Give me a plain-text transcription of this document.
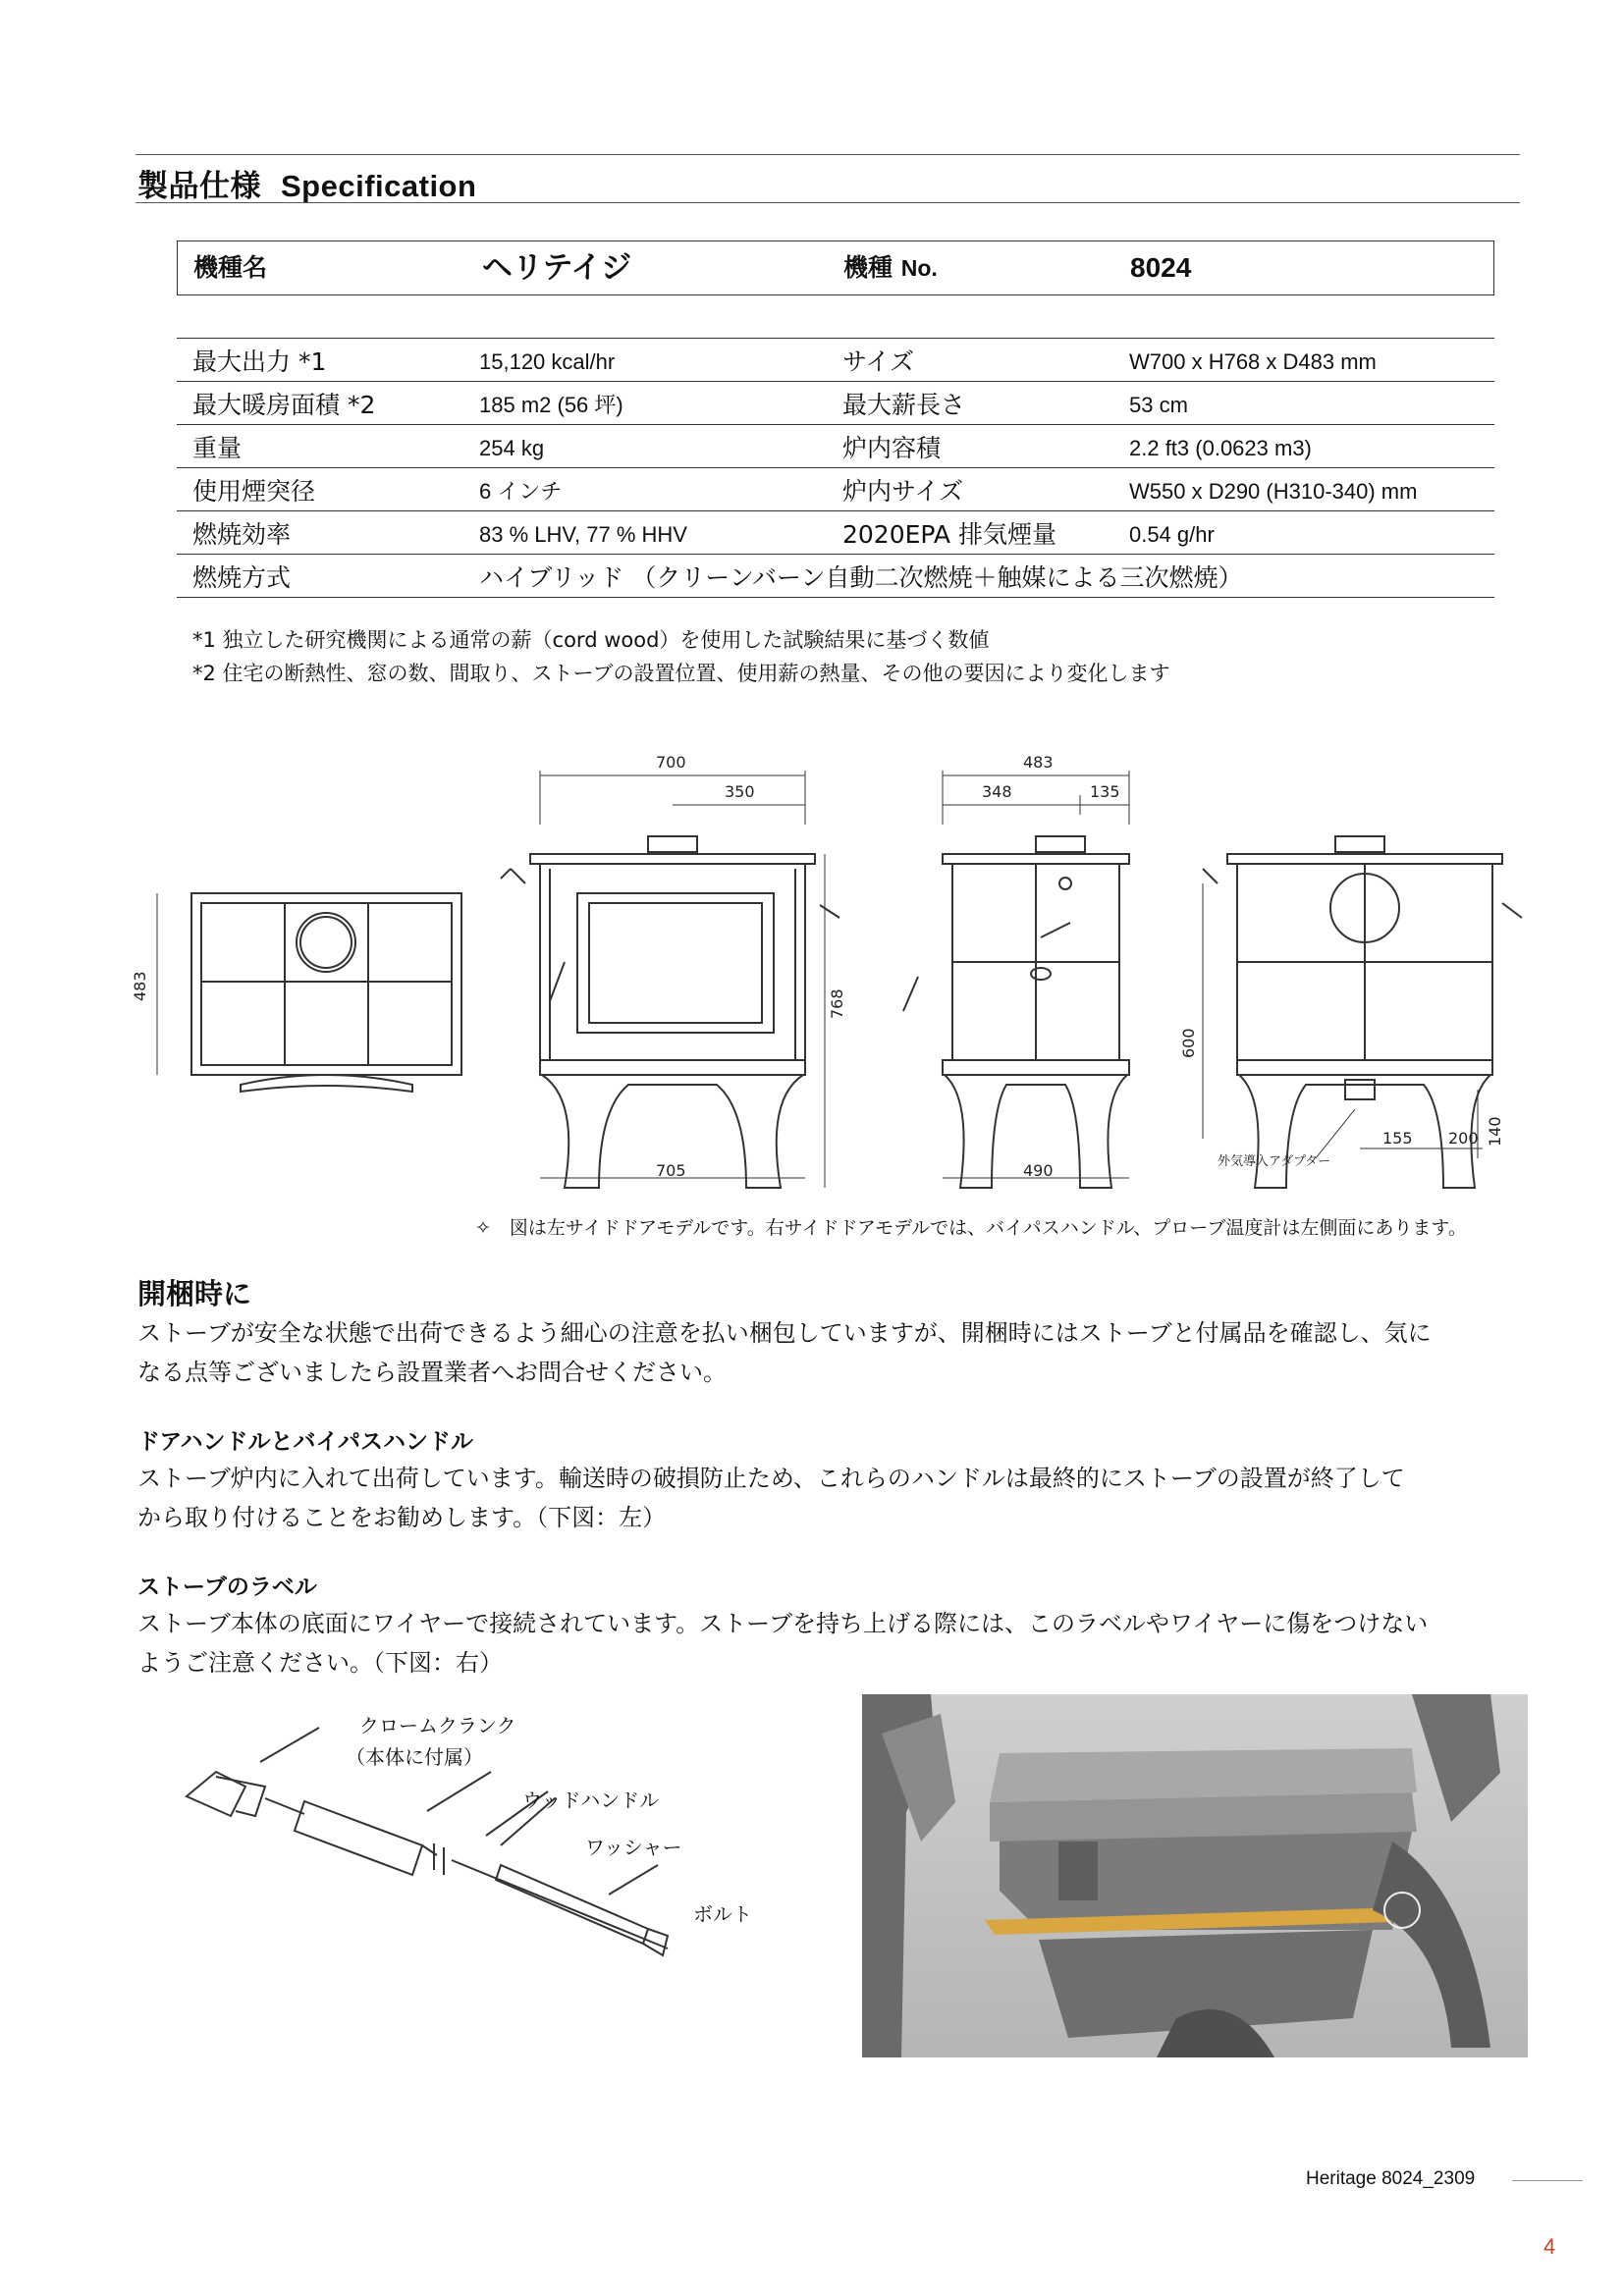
製品仕様 Specification
機種名	ヘリテイジ	機種 No.	8024
最大出力 *1	15,120 kcal/hr	サイズ	W700 x H768 x D483 mm
最大暖房面積 *2	185 m2 (56 坪)	最大薪長さ	53 cm
重量	254 kg	炉内容積	2.2 ft3 (0.0623 m3)
使用煙突径	6 インチ	炉内サイズ	W550 x D290 (H310-340) mm
燃焼効率	83 % LHV, 77 % HHV	2020EPA 排気煙量	0.54 g/hr
燃焼方式	ハイブリッド （クリーンバーン自動二次燃焼＋触媒による三次燃焼）
*1 独立した研究機関による通常の薪（cord wood）を使用した試験結果に基づく数値
*2 住宅の断熱性、窓の数、間取り、ストーブの設置位置、使用薪の熱量、その他の要因により変化します
483
700
350
768
705
483
348	135
490
600
155 200 140
外気導入アダプター
✧　図は左サイドドアモデルです。右サイドドアモデルでは、バイパスハンドル、プローブ温度計は左側面にあります。
開梱時に
ストーブが安全な状態で出荷できるよう細心の注意を払い梱包していますが、開梱時にはストーブと付属品を確認し、気に
なる点等ございましたら設置業者へお問合せください。
ドアハンドルとバイパスハンドル
ストーブ炉内に入れて出荷しています。輸送時の破損防止ため、これらのハンドルは最終的にストーブの設置が終了して
から取り付けることをお勧めします。（下図：左）
ストーブのラベル
ストーブ本体の底面にワイヤーで接続されています。ストーブを持ち上げる際には、このラベルやワイヤーに傷をつけない
ようご注意ください。（下図：右）
クロームクランク
（本体に付属）
ウッドハンドル
ワッシャー
ボルト
Heritage 8024_2309
4
